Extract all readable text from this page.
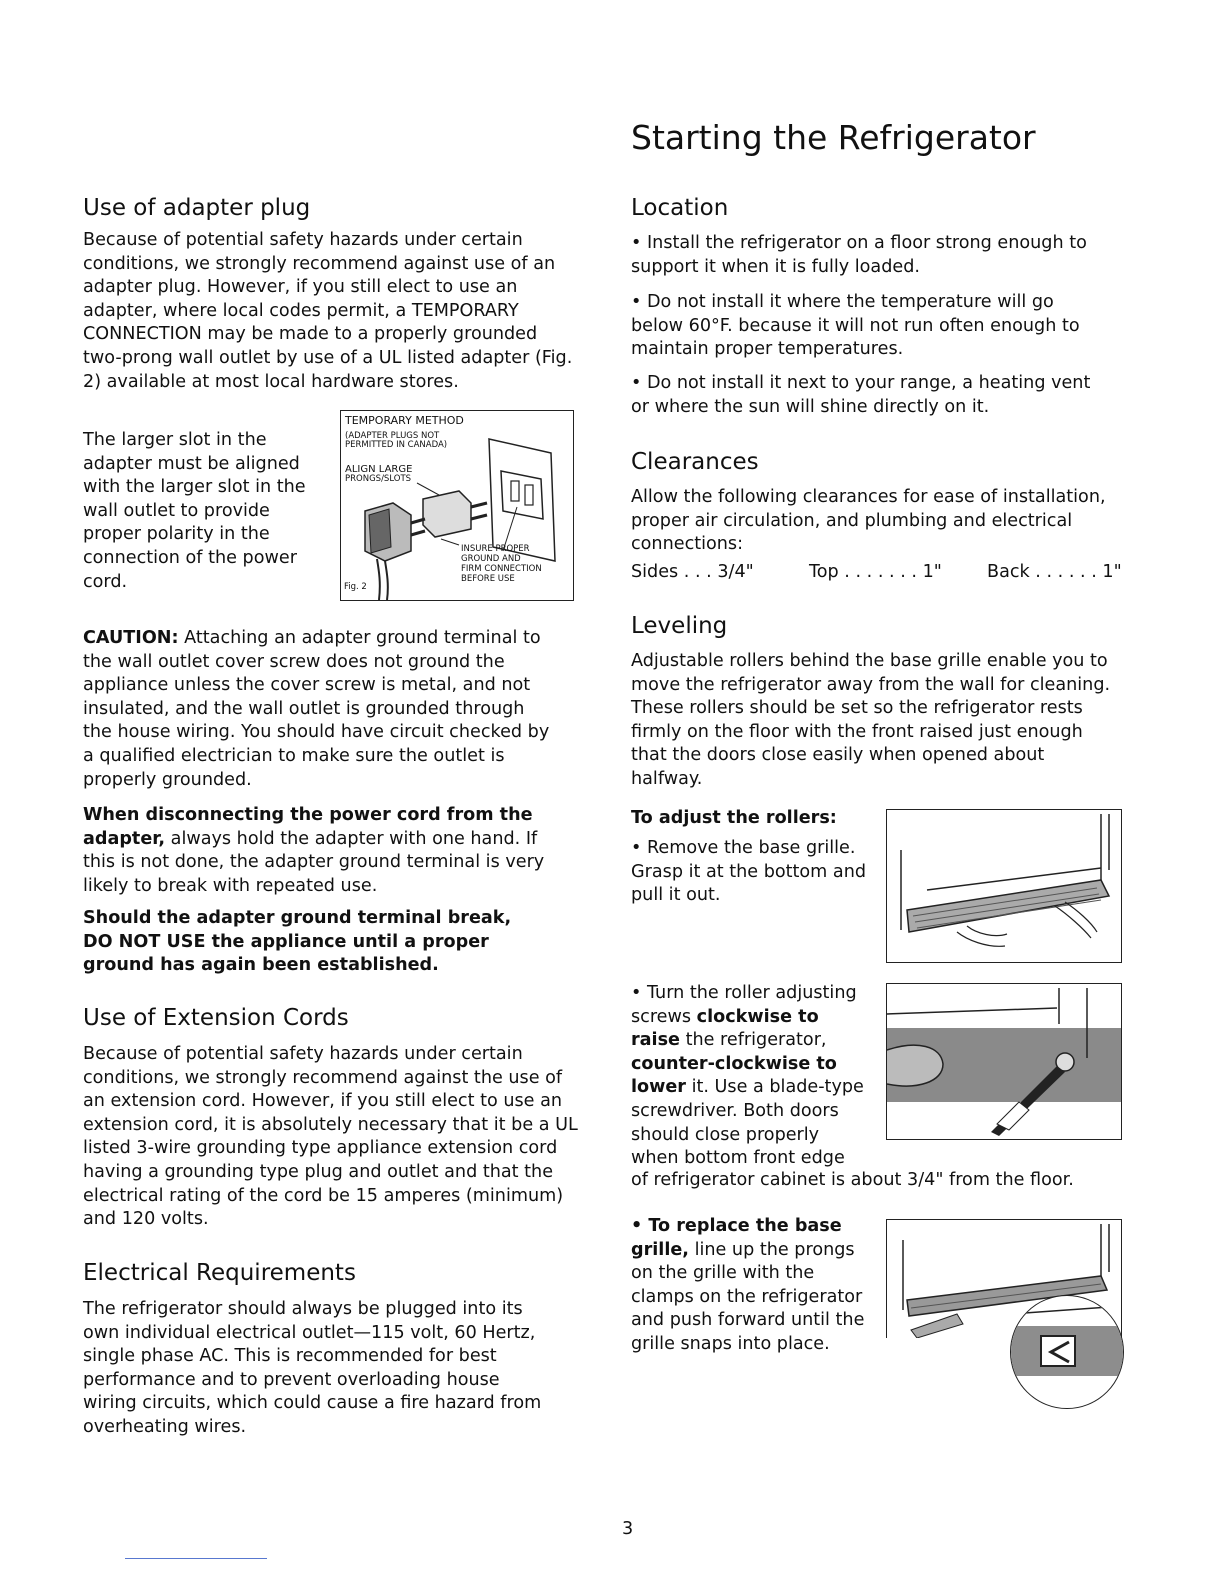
Starting the Refrigerator
Use of adapter plug

Because of potential safety hazards under certain conditions, we strongly recommend against use of an adapter plug. However, if you still elect to use an adapter, where local codes permit, a TEMPORARY CONNECTION may be made to a properly grounded two-prong wall outlet by use of a UL listed adapter (Fig. 2) available at most local hardware stores.

The larger slot in the adapter must be aligned with the larger slot in the wall outlet to provide proper polarity in the connection of the power cord.

TEMPORARY METHOD
(ADAPTER PLUGS NOT
PERMITTED IN CANADA)
ALIGN LARGE
PRONGS/SLOTS
INSURE PROPER
GROUND AND
FIRM CONNECTION
BEFORE USE
Fig. 2

CAUTION: Attaching an adapter ground terminal to the wall outlet cover screw does not ground the appliance unless the cover screw is metal, and not insulated, and the wall outlet is grounded through the house wiring. You should have circuit checked by a qualified electrician to make sure the outlet is properly grounded.

When disconnecting the power cord from the adapter, always hold the adapter with one hand. If this is not done, the adapter ground terminal is very likely to break with repeated use.

Should the adapter ground terminal break, DO NOT USE the appliance until a proper ground has again been established.

Use of Extension Cords

Because of potential safety hazards under certain conditions, we strongly recommend against the use of an extension cord. However, if you still elect to use an extension cord, it is absolutely necessary that it be a UL listed 3-wire grounding type appliance extension cord having a grounding type plug and outlet and that the electrical rating of the cord be 15 amperes (minimum) and 120 volts.

Electrical Requirements

The refrigerator should always be plugged into its own individual electrical outlet—115 volt, 60 Hertz, single phase AC. This is recommended for best performance and to prevent overloading house wiring circuits, which could cause a fire hazard from overheating wires.

Location

• Install the refrigerator on a floor strong enough to support it when it is fully loaded.

• Do not install it where the temperature will go below 60°F. because it will not run often enough to maintain proper temperatures.

• Do not install it next to your range, a heating vent or where the sun will shine directly on it.

Clearances

Allow the following clearances for ease of installation, proper air circulation, and plumbing and electrical connections:

Sides . . . 3/4"	Top . . . . . . . 1"	Back . . . . . . 1"
Leveling

Adjustable rollers behind the base grille enable you to move the refrigerator away from the wall for cleaning. These rollers should be set so the refrigerator rests firmly on the floor with the front raised just enough that the doors close easily when opened about halfway.

To adjust the rollers:

• Remove the base grille. Grasp it at the bottom and pull it out.

• Turn the roller adjusting screws clockwise to raise the refrigerator, counter-clockwise to lower it. Use a blade-type screwdriver. Both doors should close properly when bottom front edge

of refrigerator cabinet is about 3/4" from the floor.

• To replace the base grille, line up the prongs on the grille with the clamps on the refrigerator and push forward until the grille snaps into place.

3
